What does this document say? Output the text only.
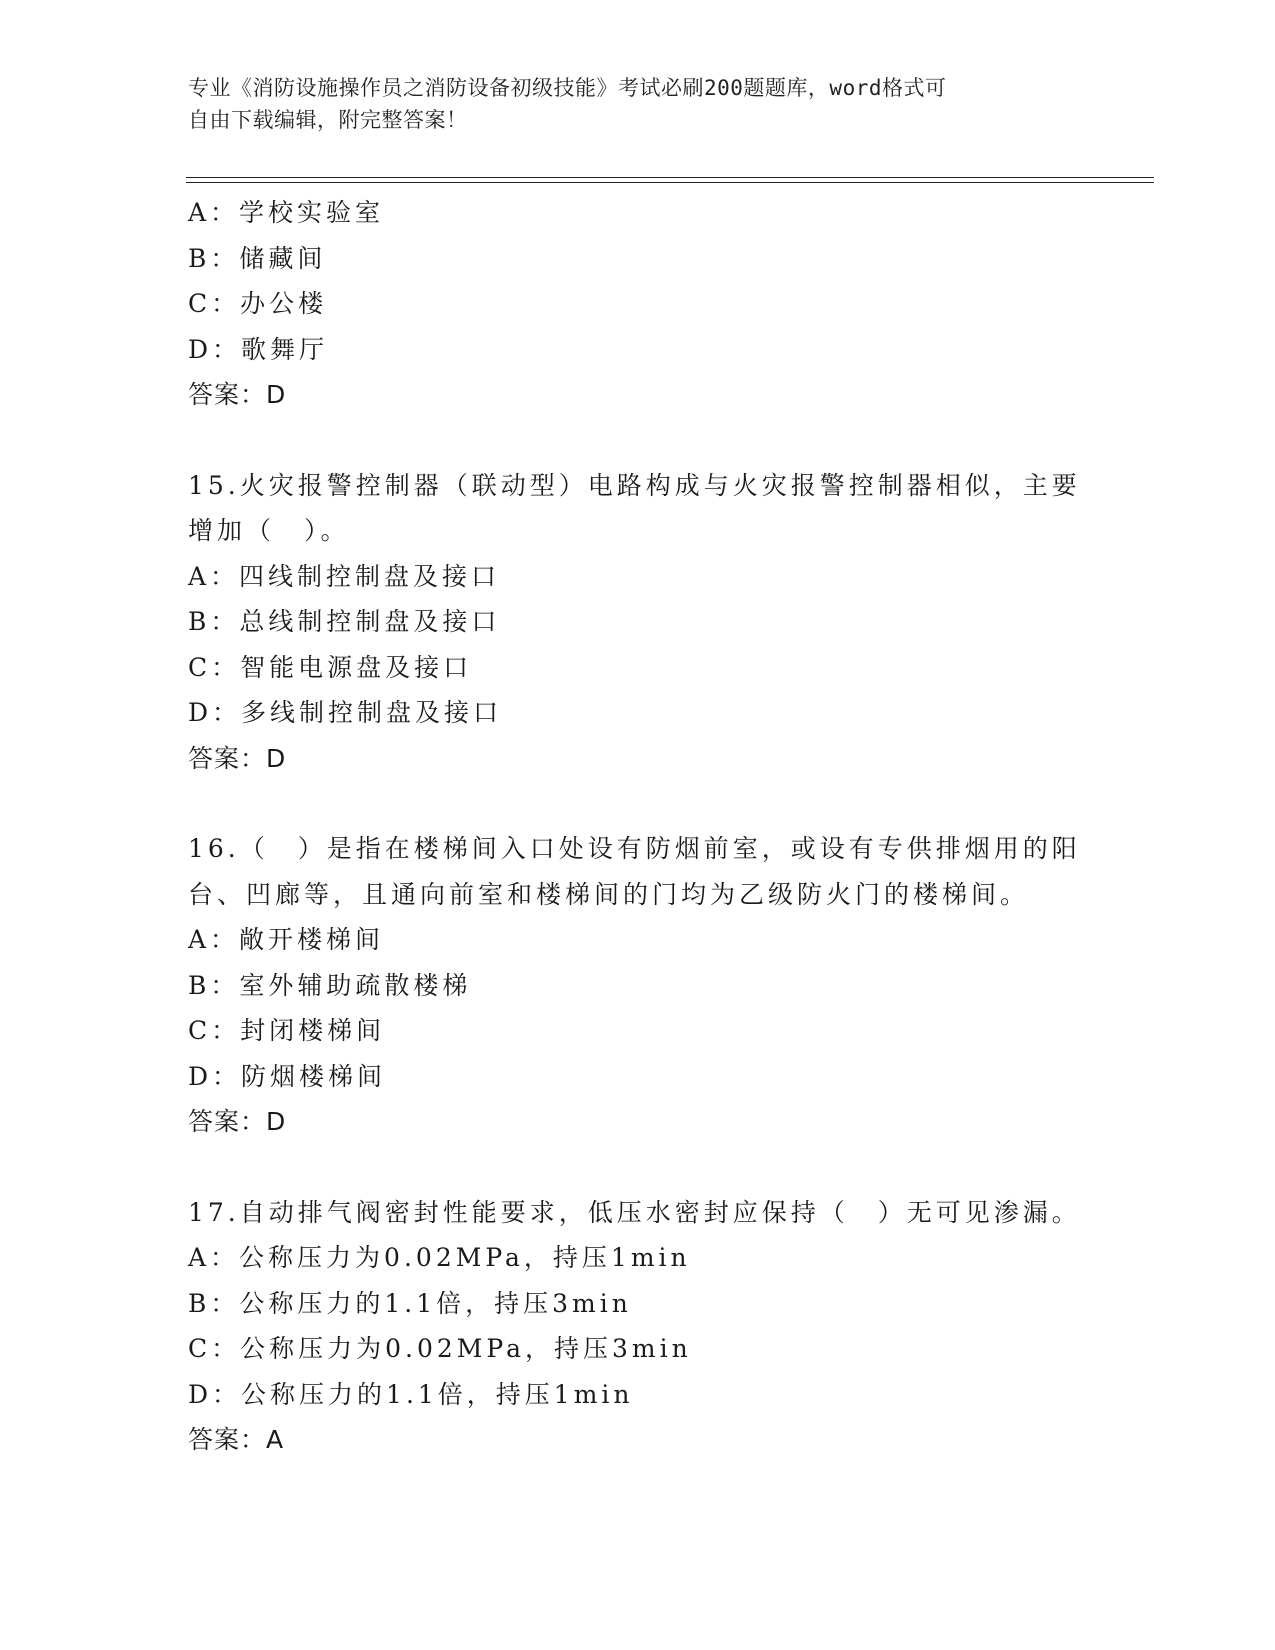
专业《消防设施操作员之消防设备初级技能》考试必刷200题题库，word格式可
自由下载编辑，附完整答案！
A：学校实验室
B：储藏间
C：办公楼
D：歌舞厅
答案：D
15.火灾报警控制器（联动型）电路构成与火灾报警控制器相似，主要
增加（　）。
A：四线制控制盘及接口
B：总线制控制盘及接口
C：智能电源盘及接口
D：多线制控制盘及接口
答案：D
16.（　）是指在楼梯间入口处设有防烟前室，或设有专供排烟用的阳
台、凹廊等，且通向前室和楼梯间的门均为乙级防火门的楼梯间。
A：敞开楼梯间
B：室外辅助疏散楼梯
C：封闭楼梯间
D：防烟楼梯间
答案：D
17.自动排气阀密封性能要求，低压水密封应保持（　）无可见渗漏。
A：公称压力为0.02MPa，持压1min
B：公称压力的1.1倍，持压3min
C：公称压力为0.02MPa，持压3min
D：公称压力的1.1倍，持压1min
答案：A
